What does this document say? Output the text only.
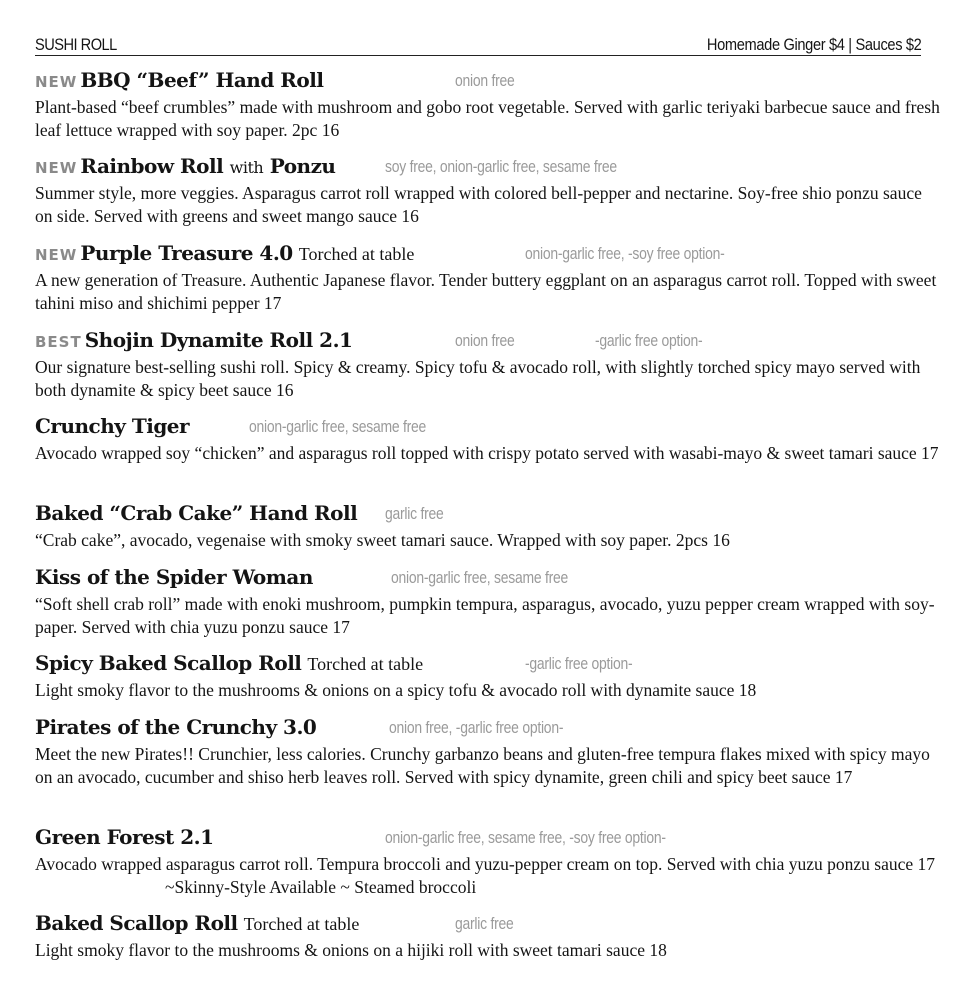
SUSHI ROLL	Homemade Ginger $4 | Sauces $2
NEW BBQ “Beef” Hand Roll	onion free
Plant-based “beef crumbles” made with mushroom and gobo root vegetable. Served with garlic teriyaki barbecue sauce and fresh leaf lettuce wrapped with soy paper. 2pc 16
NEW Rainbow Roll with Ponzu	soy free, onion-garlic free, sesame free
Summer style, more veggies. Asparagus carrot roll wrapped with colored bell-pepper and nectarine. Soy-free shio ponzu sauce on side. Served with greens and sweet mango sauce 16
NEW Purple Treasure 4.0 Torched at table	onion-garlic free, -soy free option-
A new generation of Treasure. Authentic Japanese flavor. Tender buttery eggplant on an asparagus carrot roll. Topped with sweet tahini miso and shichimi pepper 17
BEST Shojin Dynamite Roll 2.1	onion free	-garlic free option-
Our signature best-selling sushi roll. Spicy & creamy. Spicy tofu & avocado roll, with slightly torched spicy mayo served with both dynamite & spicy beet sauce 16
Crunchy Tiger	onion-garlic free, sesame free
Avocado wrapped soy “chicken” and asparagus roll topped with crispy potato served with wasabi-mayo & sweet tamari sauce 17
Baked “Crab Cake” Hand Roll garlic free
“Crab cake”, avocado, vegenaise with smoky sweet tamari sauce. Wrapped with soy paper. 2pcs 16
Kiss of the Spider Woman	onion-garlic free, sesame free
“Soft shell crab roll” made with enoki mushroom, pumpkin tempura, asparagus, avocado, yuzu pepper cream wrapped with soy-paper. Served with chia yuzu ponzu sauce 17
Spicy Baked Scallop Roll Torched at table	-garlic free option-
Light smoky flavor to the mushrooms & onions on a spicy tofu & avocado roll with dynamite sauce 18
Pirates of the Crunchy 3.0	onion free, -garlic free option-
Meet the new Pirates!! Crunchier, less calories. Crunchy garbanzo beans and gluten-free tempura flakes mixed with spicy mayo on an avocado, cucumber and shiso herb leaves roll. Served with spicy dynamite, green chili and spicy beet sauce 17
Green Forest 2.1	onion-garlic free, sesame free, -soy free option-
Avocado wrapped asparagus carrot roll. Tempura broccoli and yuzu-pepper cream on top. Served with chia yuzu ponzu sauce 17~Skinny-Style Available ~ Steamed broccoli
Baked Scallop Roll Torched at table	garlic free
Light smoky flavor to the mushrooms & onions on a hijiki roll with sweet tamari sauce 18
